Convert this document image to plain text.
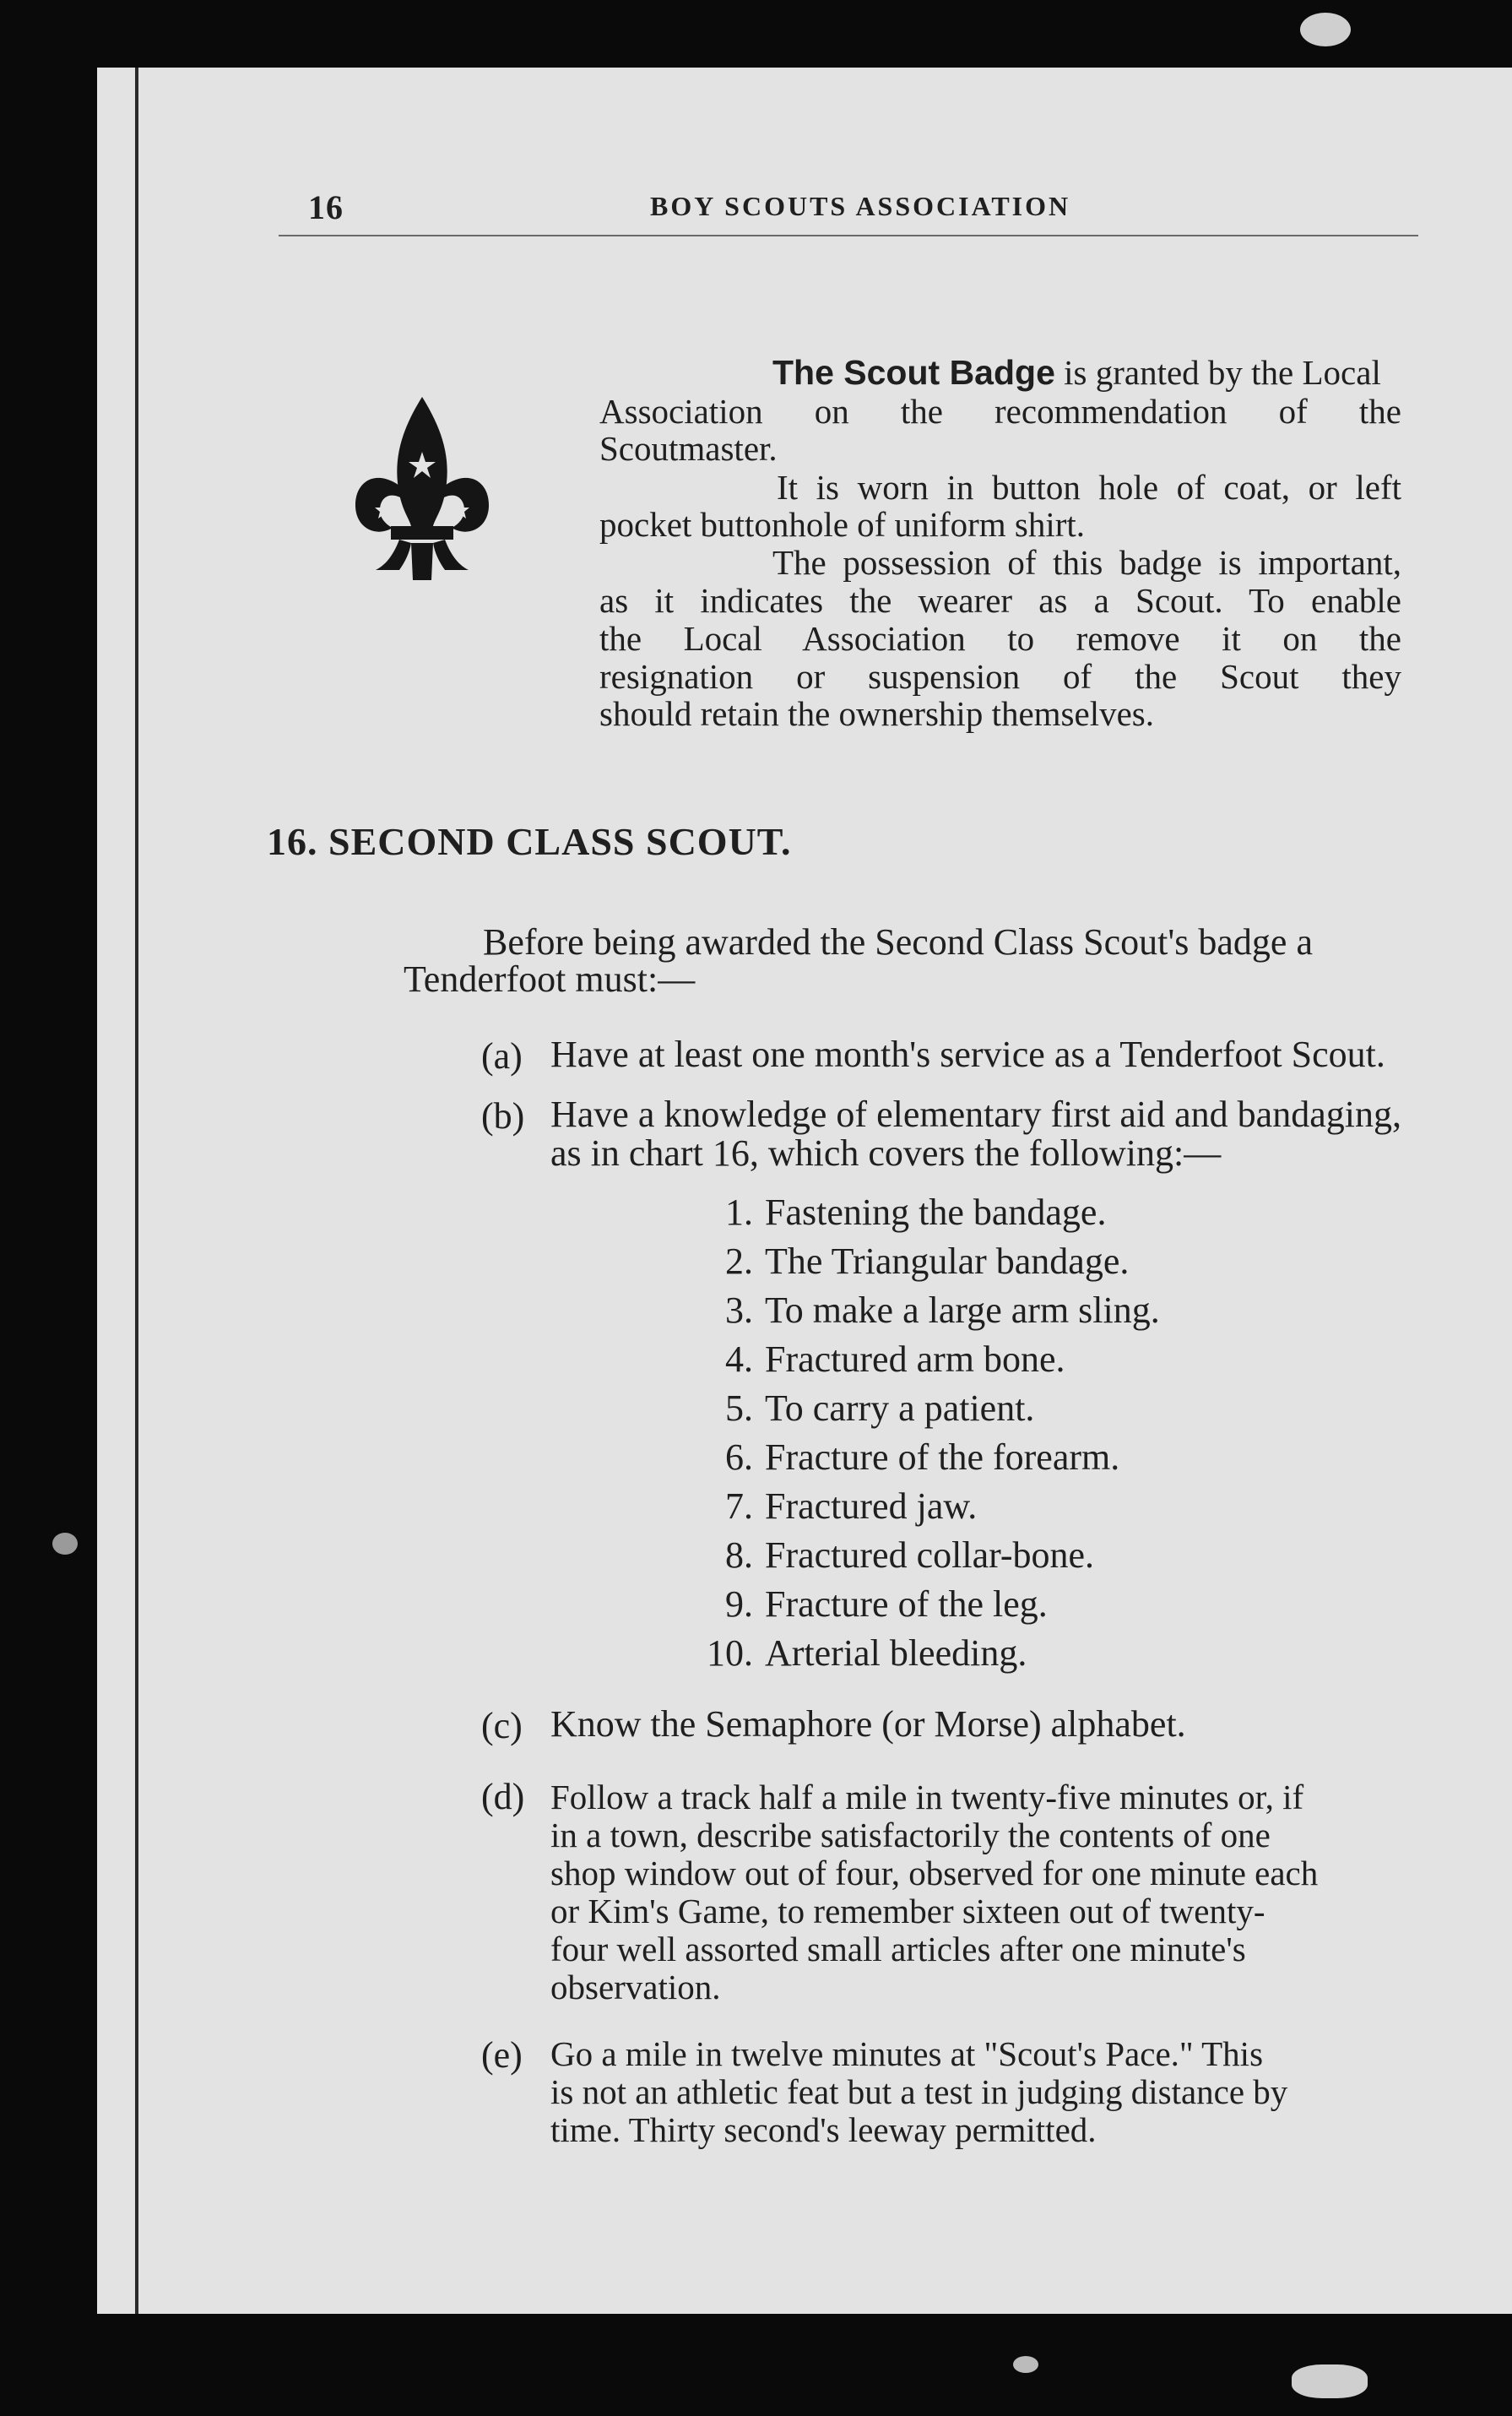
16	BOY SCOUTS ASSOCIATION
The Scout Badge is granted by the Local
Association on the recommendation of the
Scoutmaster.
It is worn in button hole of coat, or left
pocket buttonhole of uniform shirt.
The possession of this badge is important,
as it indicates the wearer as a Scout. To enable
the Local Association to remove it on the
resignation or suspension of the Scout they
should retain the ownership themselves.
16. SECOND CLASS SCOUT.
Before being awarded the Second Class Scout's badge a
Tenderfoot must:—
(a) Have at least one month's service as a Tenderfoot Scout.
(b) Have a knowledge of elementary first aid and bandaging,
as in chart 16, which covers the following:—
1. Fastening the bandage.
2. The Triangular bandage.
3. To make a large arm sling.
4. Fractured arm bone.
5. To carry a patient.
6. Fracture of the forearm.
7. Fractured jaw.
8. Fractured collar-bone.
9. Fracture of the leg.
10. Arterial bleeding.
(c) Know the Semaphore (or Morse) alphabet.
(d) Follow a track half a mile in twenty-five minutes or, if
in a town, describe satisfactorily the contents of one
shop window out of four, observed for one minute each
or Kim's Game, to remember sixteen out of twenty-
four well assorted small articles after one minute's
observation.
(e) Go a mile in twelve minutes at "Scout's Pace." This
is not an athletic feat but a test in judging distance by
time. Thirty second's leeway permitted.
